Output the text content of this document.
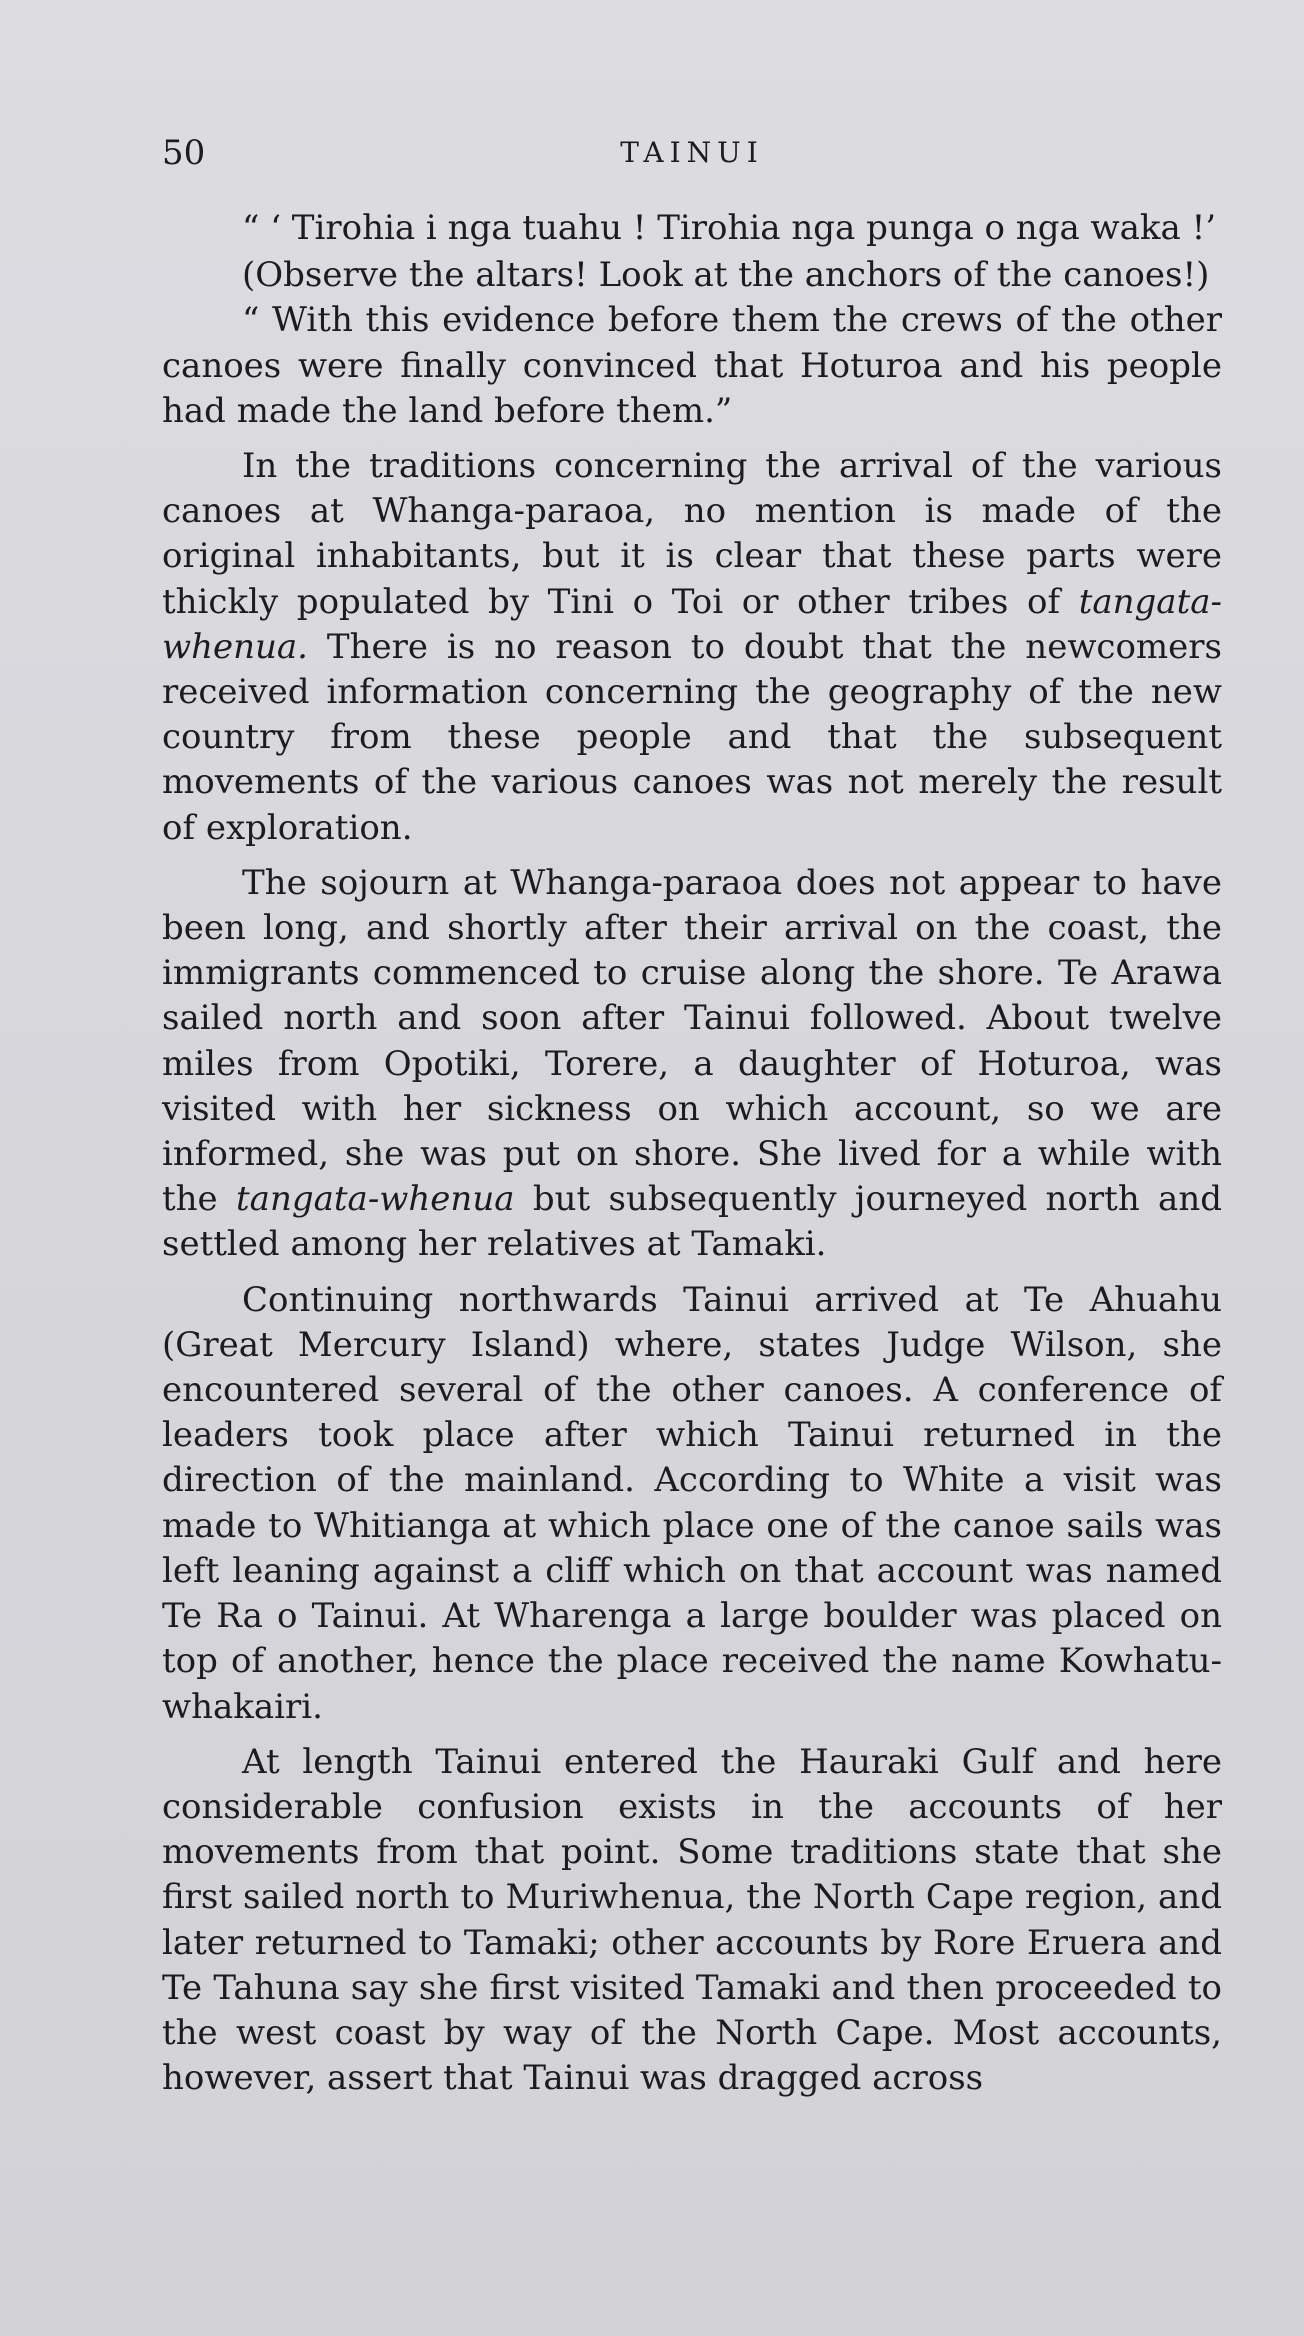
50	TAINUI

“ ‘ Tirohia i nga tuahu ! Tirohia nga punga o nga waka !’

(Observe the altars! Look at the anchors of the canoes!)

“ With this evidence before them the crews of the other canoes were finally convinced that Hoturoa and his people had made the land before them.”

In the traditions concerning the arrival of the various canoes at Whanga-paraoa, no mention is made of the original inhabitants, but it is clear that these parts were thickly populated by Tini o Toi or other tribes of tangata-whenua. There is no reason to doubt that the newcomers received information concerning the geography of the new country from these people and that the subsequent movements of the various canoes was not merely the result of exploration.

The sojourn at Whanga-paraoa does not appear to have been long, and shortly after their arrival on the coast, the immigrants commenced to cruise along the shore. Te Arawa sailed north and soon after Tainui followed. About twelve miles from Opotiki, Torere, a daughter of Hoturoa, was visited with her sickness on which account, so we are informed, she was put on shore. She lived for a while with the tangata-whenua but subsequently journeyed north and settled among her relatives at Tamaki.

Continuing northwards Tainui arrived at Te Ahuahu (Great Mercury Island) where, states Judge Wilson, she encountered several of the other canoes. A conference of leaders took place after which Tainui returned in the direction of the mainland. According to White a visit was made to Whitianga at which place one of the canoe sails was left leaning against a cliff which on that account was named Te Ra o Tainui. At Wharenga a large boulder was placed on top of another, hence the place received the name Kowhatu-whakairi.

At length Tainui entered the Hauraki Gulf and here considerable confusion exists in the accounts of her movements from that point. Some traditions state that she first sailed north to Muriwhenua, the North Cape region, and later returned to Tamaki; other accounts by Rore Eruera and Te Tahuna say she first visited Tamaki and then proceeded to the west coast by way of the North Cape. Most accounts, however, assert that Tainui was dragged across
